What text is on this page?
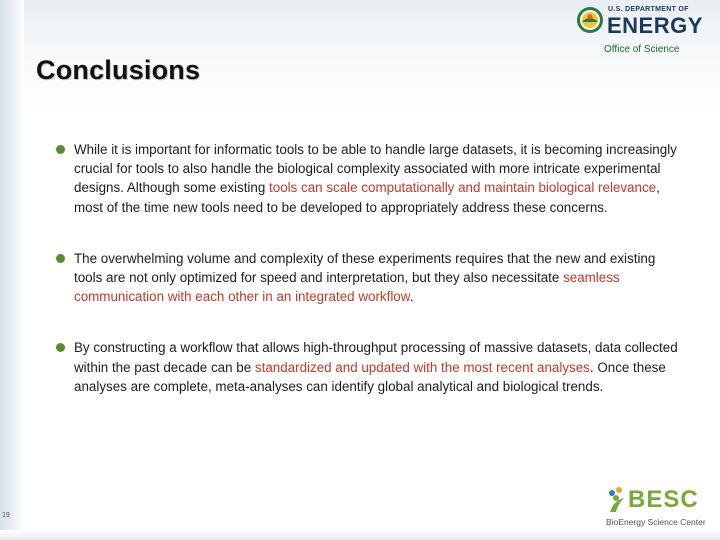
Conclusions
U.S. DEPARTMENT OF
ENERGY
Office of Science
While it is important for informatic tools to be able to handle large datasets, it is becoming increasingly crucial for tools to also handle the biological complexity associated with more intricate experimental designs. Although some existing tools can scale computationally and maintain biological relevance, most of the time new tools need to be developed to appropriately address these concerns.
The overwhelming volume and complexity of these experiments requires that the new and existing tools are not only optimized for speed and interpretation, but they also necessitate seamless communication with each other in an integrated workflow.
By constructing a workflow that allows high-throughput processing of massive datasets, data collected within the past decade can be standardized and updated with the most recent analyses. Once these analyses are complete, meta-analyses can identify global analytical and biological trends.
19
BESC
BioEnergy Science Center
